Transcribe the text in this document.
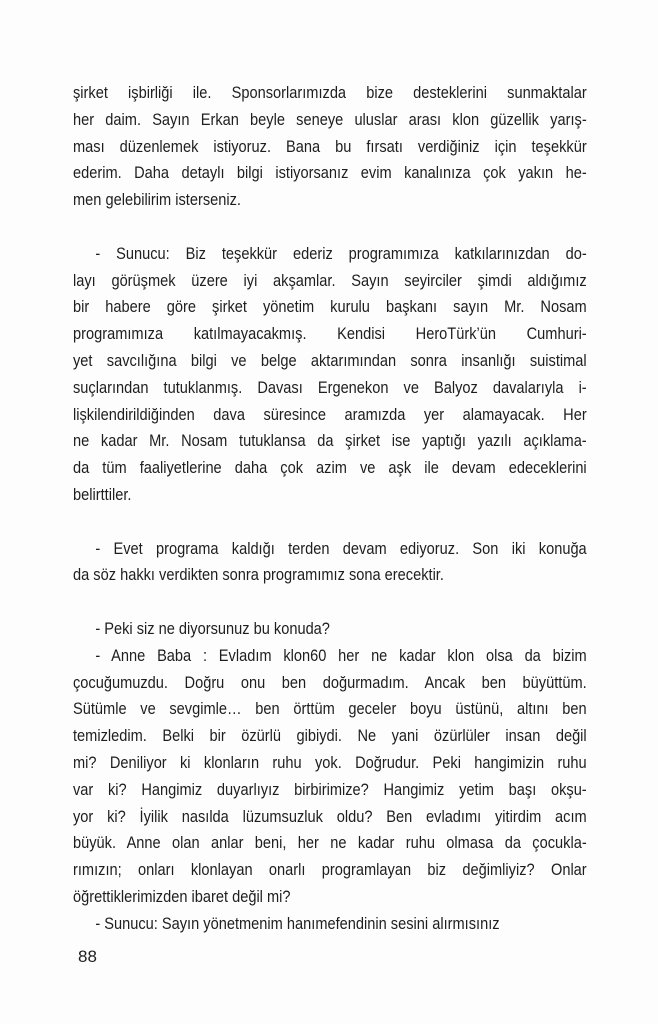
şirket işbirliği ile. Sponsorlarımızda bize desteklerini sunmaktalar
her daim. Sayın Erkan beyle seneye uluslar arası klon güzellik yarış-
ması düzenlemek istiyoruz. Bana bu fırsatı verdiğiniz için teşekkür
ederim. Daha detaylı bilgi istiyorsanız evim kanalınıza çok yakın he-
men gelebilirim isterseniz.
- Sunucu: Biz teşekkür ederiz programımıza katkılarınızdan do-
layı görüşmek üzere iyi akşamlar. Sayın seyirciler şimdi aldığımız
bir habere göre şirket yönetim kurulu başkanı sayın Mr. Nosam
programımıza katılmayacakmış. Kendisi HeroTürk’ün Cumhuri-
yet savcılığına bilgi ve belge aktarımından sonra insanlığı suistimal
suçlarından tutuklanmış. Davası Ergenekon ve Balyoz davalarıyla i-
lişkilendirildiğinden dava süresince aramızda yer alamayacak. Her
ne kadar Mr. Nosam tutuklansa da şirket ise yaptığı yazılı açıklama-
da tüm faaliyetlerine daha çok azim ve aşk ile devam edeceklerini
belirttiler.
- Evet programa kaldığı terden devam ediyoruz. Son iki konuğa
da söz hakkı verdikten sonra programımız sona erecektir.
- Peki siz ne diyorsunuz bu konuda?
- Anne Baba : Evladım klon60 her ne kadar klon olsa da bizim
çocuğumuzdu. Doğru onu ben doğurmadım. Ancak ben büyüttüm.
Sütümle ve sevgimle… ben örttüm geceler boyu üstünü, altını ben
temizledim. Belki bir özürlü gibiydi. Ne yani özürlüler insan değil
mi? Deniliyor ki klonların ruhu yok. Doğrudur. Peki hangimizin ruhu
var ki? Hangimiz duyarlıyız birbirimize? Hangimiz yetim başı okşu-
yor ki? İyilik nasılda lüzumsuzluk oldu? Ben evladımı yitirdim acım
büyük. Anne olan anlar beni, her ne kadar ruhu olmasa da çocukla-
rımızın; onları klonlayan onarlı programlayan biz değimliyiz? Onlar
öğrettiklerimizden ibaret değil mi?
- Sunucu: Sayın yönetmenim hanımefendinin sesini alırmısınız
88
